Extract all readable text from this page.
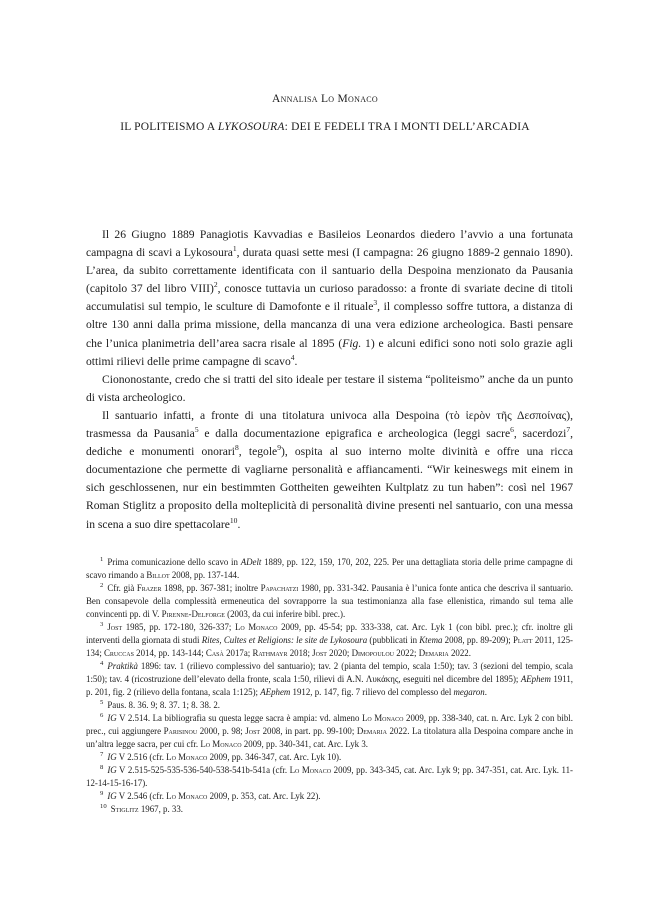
Annalisa Lo Monaco
IL POLITEISMO A LYKOSOURA: DEI E FEDELI TRA I MONTI DELL’ARCADIA

Il 26 Giugno 1889 Panagiotis Kavvadias e Basileios Leonardos diedero l’avvio a una fortunata campagna di scavi a Lykosoura$^1$, durata quasi sette mesi (I campagna: 26 giugno 1889-2 gennaio 1890). L’area, da subito correttamente identificata con il santuario della Despoina menzionato da Pausania (capitolo 37 del libro VIII)$^2$, conosce tuttavia un curioso paradosso: a fronte di svariate decine di titoli accumulatisi sul tempio, le sculture di Damofonte e il rituale$^3$, il complesso soffre tuttora, a distanza di oltre 130 anni dalla prima missione, della mancanza di una vera edizione archeologica. Basti pensare che l’unica planimetria dell’area sacra risale al 1895 (Fig. 1) e alcuni edifici sono noti solo grazie agli ottimi rilievi delle prime campagne di scavo$^4$.

Ciononostante, credo che si tratti del sito ideale per testare il sistema “politeismo” anche da un punto di vista archeologico.

Il santuario infatti, a fronte di una titolatura univoca alla Despoina (τὸ ἱερὸν τῆς Δεσποίνας), trasmessa da Pausania$^5$ e dalla documentazione epigrafica e archeologica (leggi sacre$^6$, sacerdozi$^7$, dediche e monumenti onorari$^8$, tegole$^9$), ospita al suo interno molte divinità e offre una ricca documentazione che permette di vagliarne personalità e affiancamenti. “Wir keineswegs mit einem in sich geschlossenen, nur ein bestimmten Gottheiten geweihten Kultplatz zu tun haben”: così nel 1967 Roman Stiglitz a proposito della molteplicità di personalità divine presenti nel santuario, con una messa in scena a suo dire spettacolare$^{10}$.

$^1$ Prima comunicazione dello scavo in ADelt 1889, pp. 122, 159, 170, 202, 225. Per una dettagliata storia delle prime campagne di scavo rimando a Billot 2008, pp. 137-144.

$^2$ Cfr. già Frazer 1898, pp. 367-381; inoltre Papachatzi 1980, pp. 331-342. Pausania è l’unica fonte antica che descriva il santuario. Ben consapevole della complessità ermeneutica del sovrapporre la sua testimonianza alla fase ellenistica, rimando sul tema alle convincenti pp. di V. Pirenne-Delforge (2003, da cui inferire bibl. prec.).

$^3$ Jost 1985, pp. 172-180, 326-337; Lo Monaco 2009, pp. 45-54; pp. 333-338, cat. Arc. Lyk 1 (con bibl. prec.); cfr. inoltre gli interventi della giornata di studi Rites, Cultes et Religions: le site de Lykosoura (pubblicati in Ktema 2008, pp. 89-209); Platt 2011, 125-134; Cruccas 2014, pp. 143-144; Casà 2017a; Rathmayr 2018; Jost 2020; Dimopoulou 2022; Demaria 2022.

$^4$ Praktikà 1896: tav. 1 (rilievo complessivo del santuario); tav. 2 (pianta del tempio, scala 1:50); tav. 3 (sezioni del tempio, scala 1:50); tav. 4 (ricostruzione dell’elevato della fronte, scala 1:50, rilievi di A.N. Λυκάκης, eseguiti nel dicembre del 1895); AEphem 1911, p. 201, fig. 2 (rilievo della fontana, scala 1:125); AEphem 1912, p. 147, fig. 7 rilievo del complesso del megaron.

$^5$ Paus. 8. 36. 9; 8. 37. 1; 8. 38. 2.

$^6$ IG V 2.514. La bibliografia su questa legge sacra è ampia: vd. almeno Lo Monaco 2009, pp. 338-340, cat. n. Arc. Lyk 2 con bibl. prec., cui aggiungere Parisinou 2000, p. 98; Jost 2008, in part. pp. 99-100; Demaria 2022. La titolatura alla Despoina compare anche in un’altra legge sacra, per cui cfr. Lo Monaco 2009, pp. 340-341, cat. Arc. Lyk 3.

$^7$ IG V 2.516 (cfr. Lo Monaco 2009, pp. 346-347, cat. Arc. Lyk 10).

$^8$ IG V 2.515-525-535-536-540-538-541b-541a (cfr. Lo Monaco 2009, pp. 343-345, cat. Arc. Lyk 9; pp. 347-351, cat. Arc. Lyk. 11-12-14-15-16-17).

$^9$ IG V 2.546 (cfr. Lo Monaco 2009, p. 353, cat. Arc. Lyk 22).

$^{10}$ Stiglitz 1967, p. 33.
